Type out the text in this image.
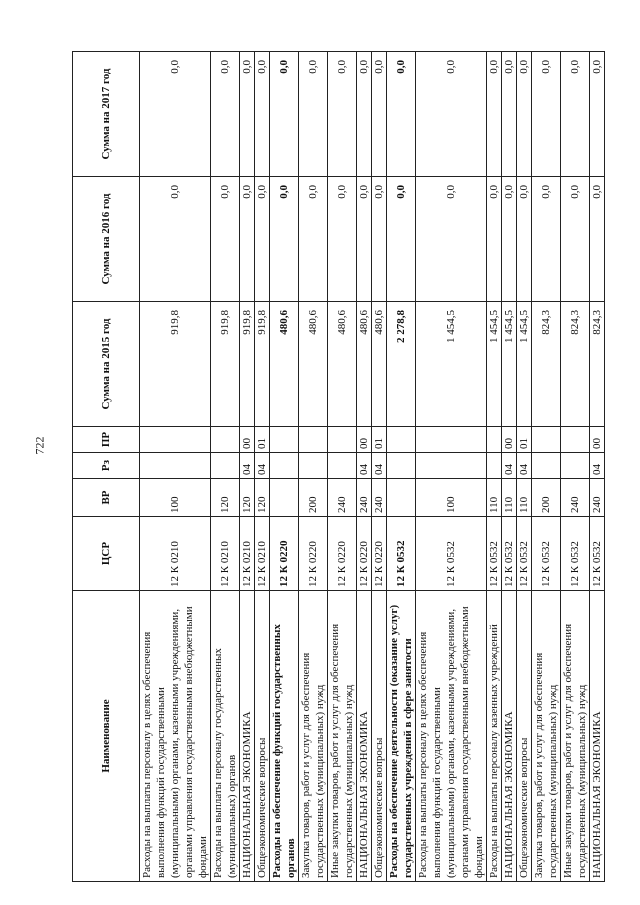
722
Наименование	ЦСР	ВР	Рз	ПР	Сумма на 2015 год	Сумма на 2016 год	Сумма на 2017 год
Расходы на выплаты персоналу в целях обеспечения выполнения функций государственными (муниципальными) органами, казенными учреждениями, органами управления государственными внебюджетными фондами	12 К 0210	100			919,8	0,0	0,0
Расходы на выплаты персоналу государственных (муниципальных) органов	12 К 0210	120			919,8	0,0	0,0
НАЦИОНАЛЬНАЯ ЭКОНОМИКА	12 К 0210	120	04	00	919,8	0,0	0,0
Общеэкономические вопросы	12 К 0210	120	04	01	919,8	0,0	0,0
Расходы на обеспечение функций государственных органов	12 К 0220				480,6	0,0	0,0
Закупка товаров, работ и услуг для обеспечения государственных (муниципальных) нужд	12 К 0220	200			480,6	0,0	0,0
Иные закупки товаров, работ и услуг для обеспечения государственных (муниципальных) нужд	12 К 0220	240			480,6	0,0	0,0
НАЦИОНАЛЬНАЯ ЭКОНОМИКА	12 К 0220	240	04	00	480,6	0,0	0,0
Общеэкономические вопросы	12 К 0220	240	04	01	480,6	0,0	0,0
Расходы на обеспечение деятельности (оказание услуг) государственных учреждений в сфере занятости	12 К 0532				2 278,8	0,0	0,0
Расходы на выплаты персоналу в целях обеспечения выполнения функций государственными (муниципальными) органами, казенными учреждениями, органами управления государственными внебюджетными фондами	12 К 0532	100			1 454,5	0,0	0,0
Расходы на выплаты персоналу казенных учреждений	12 К 0532	110			1 454,5	0,0	0,0
НАЦИОНАЛЬНАЯ ЭКОНОМИКА	12 К 0532	110	04	00	1 454,5	0,0	0,0
Общеэкономические вопросы	12 К 0532	110	04	01	1 454,5	0,0	0,0
Закупка товаров, работ и услуг для обеспечения государственных (муниципальных) нужд	12 К 0532	200			824,3	0,0	0,0
Иные закупки товаров, работ и услуг для обеспечения государственных (муниципальных) нужд	12 К 0532	240			824,3	0,0	0,0
НАЦИОНАЛЬНАЯ ЭКОНОМИКА	12 К 0532	240	04	00	824,3	0,0	0,0
